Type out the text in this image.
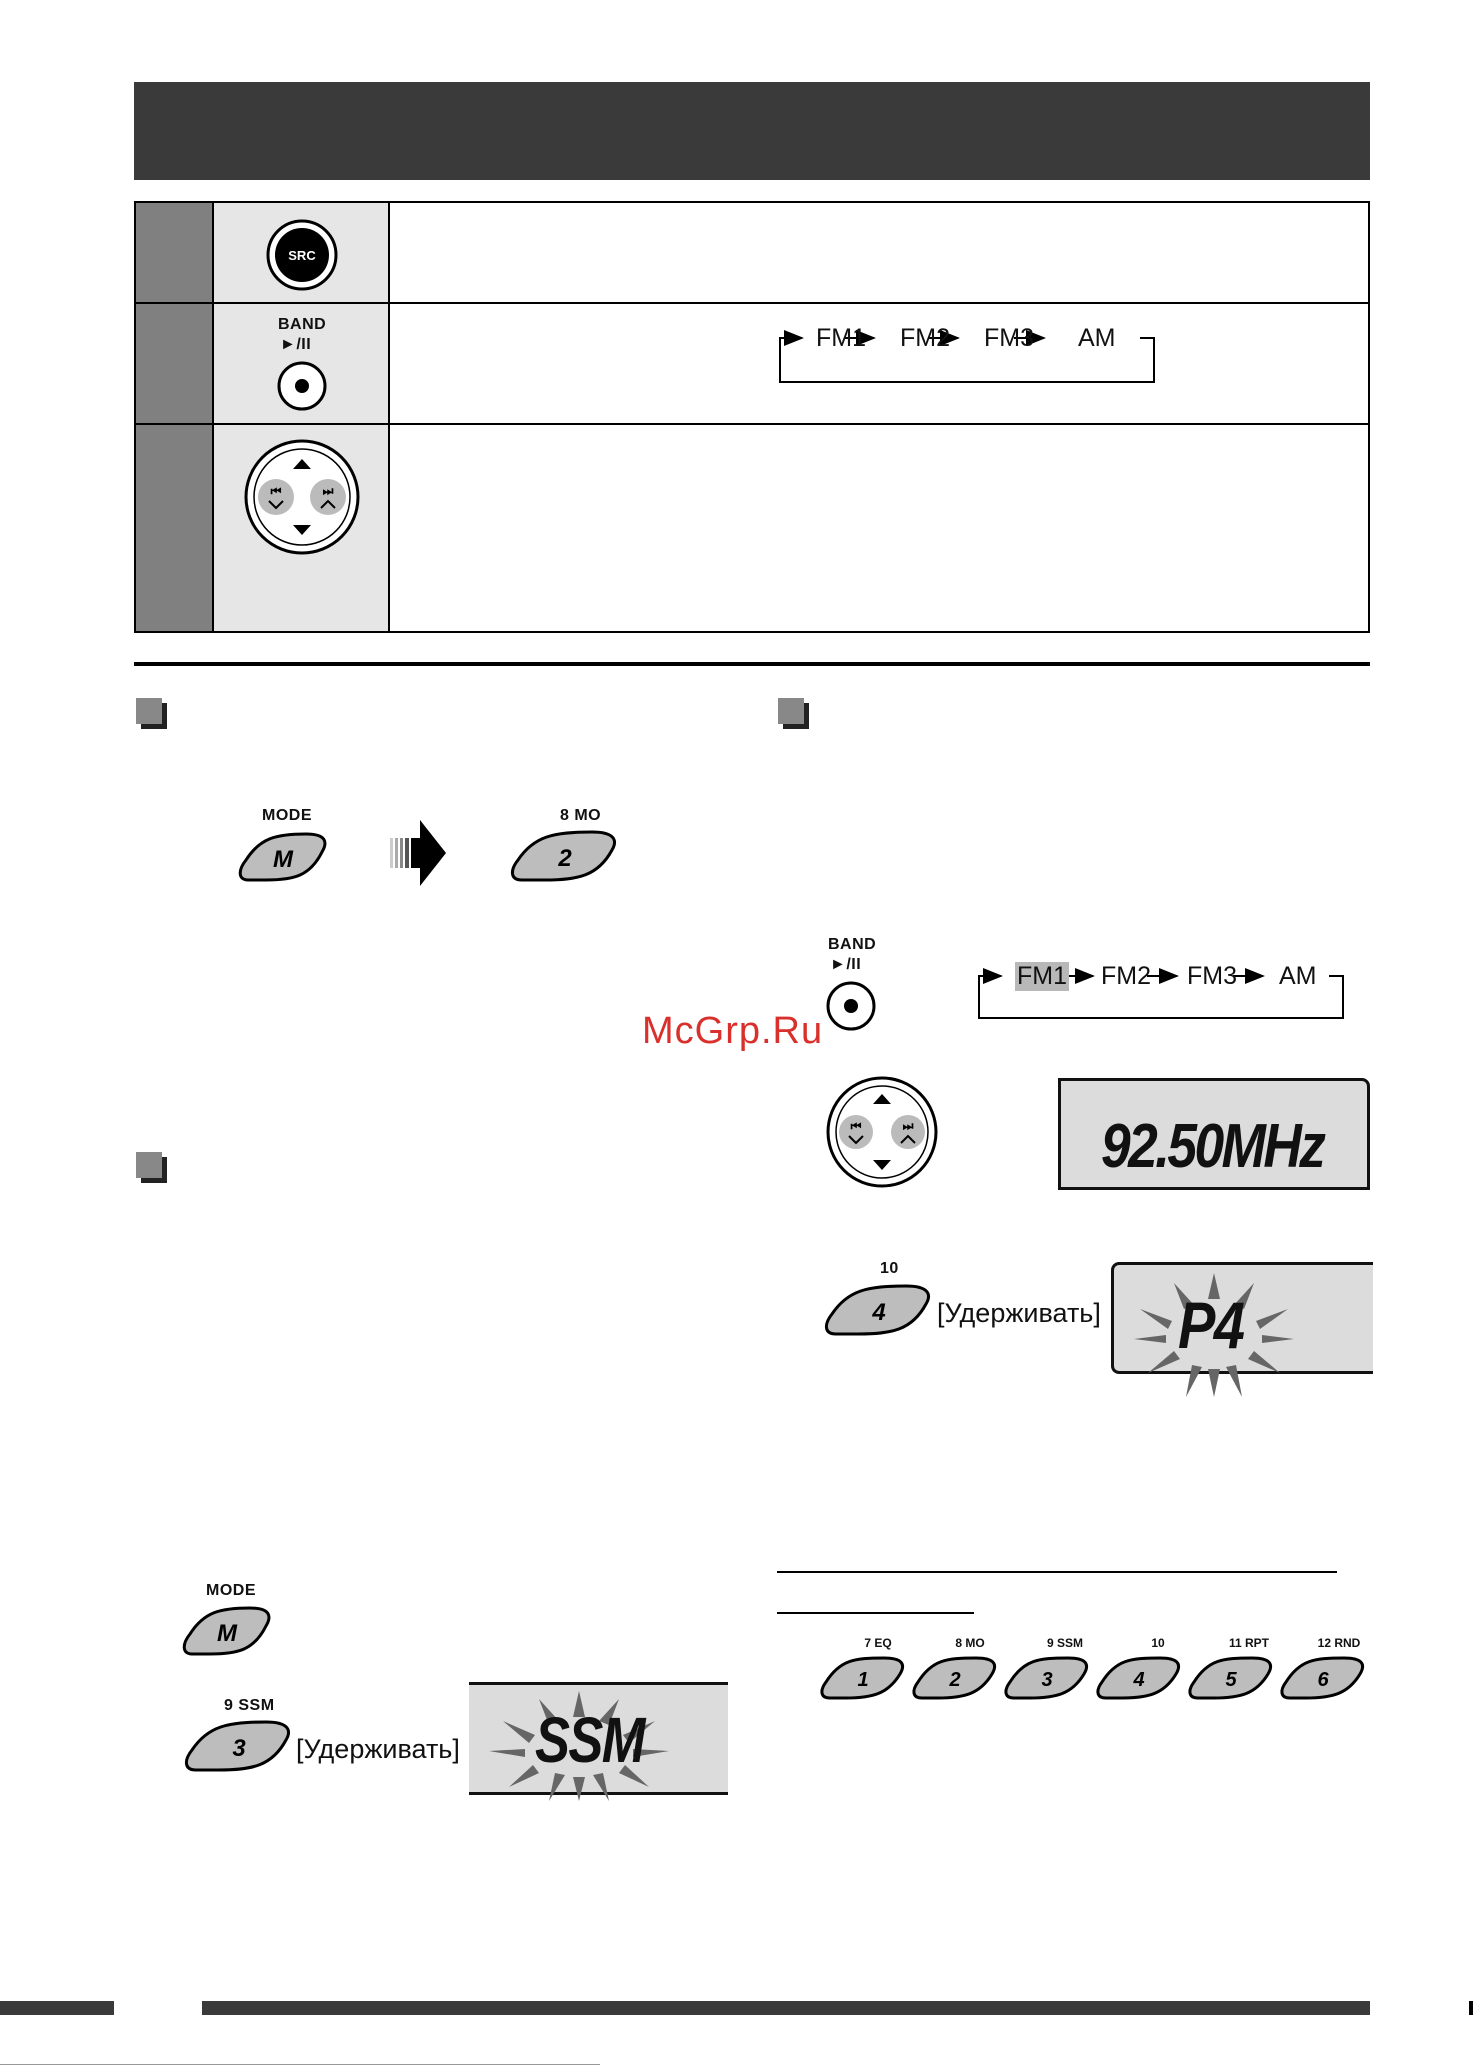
SRC
BAND
►/II	FM1 FM2 FM3 AM
⏮	⏭
MODE
M
8 MO
2
MODE
M
9 SSM
3 [Удерживать] SSM
McGrp.Ru
BAND
►/II	FM1 FM2 FM3 AM
⏮	⏭	92.50MHz
10
4 [Удерживать] P4
7 EQ
1
8 MO
2
9 SSM
3
10
4
11 RPT
5
12 RND
6
